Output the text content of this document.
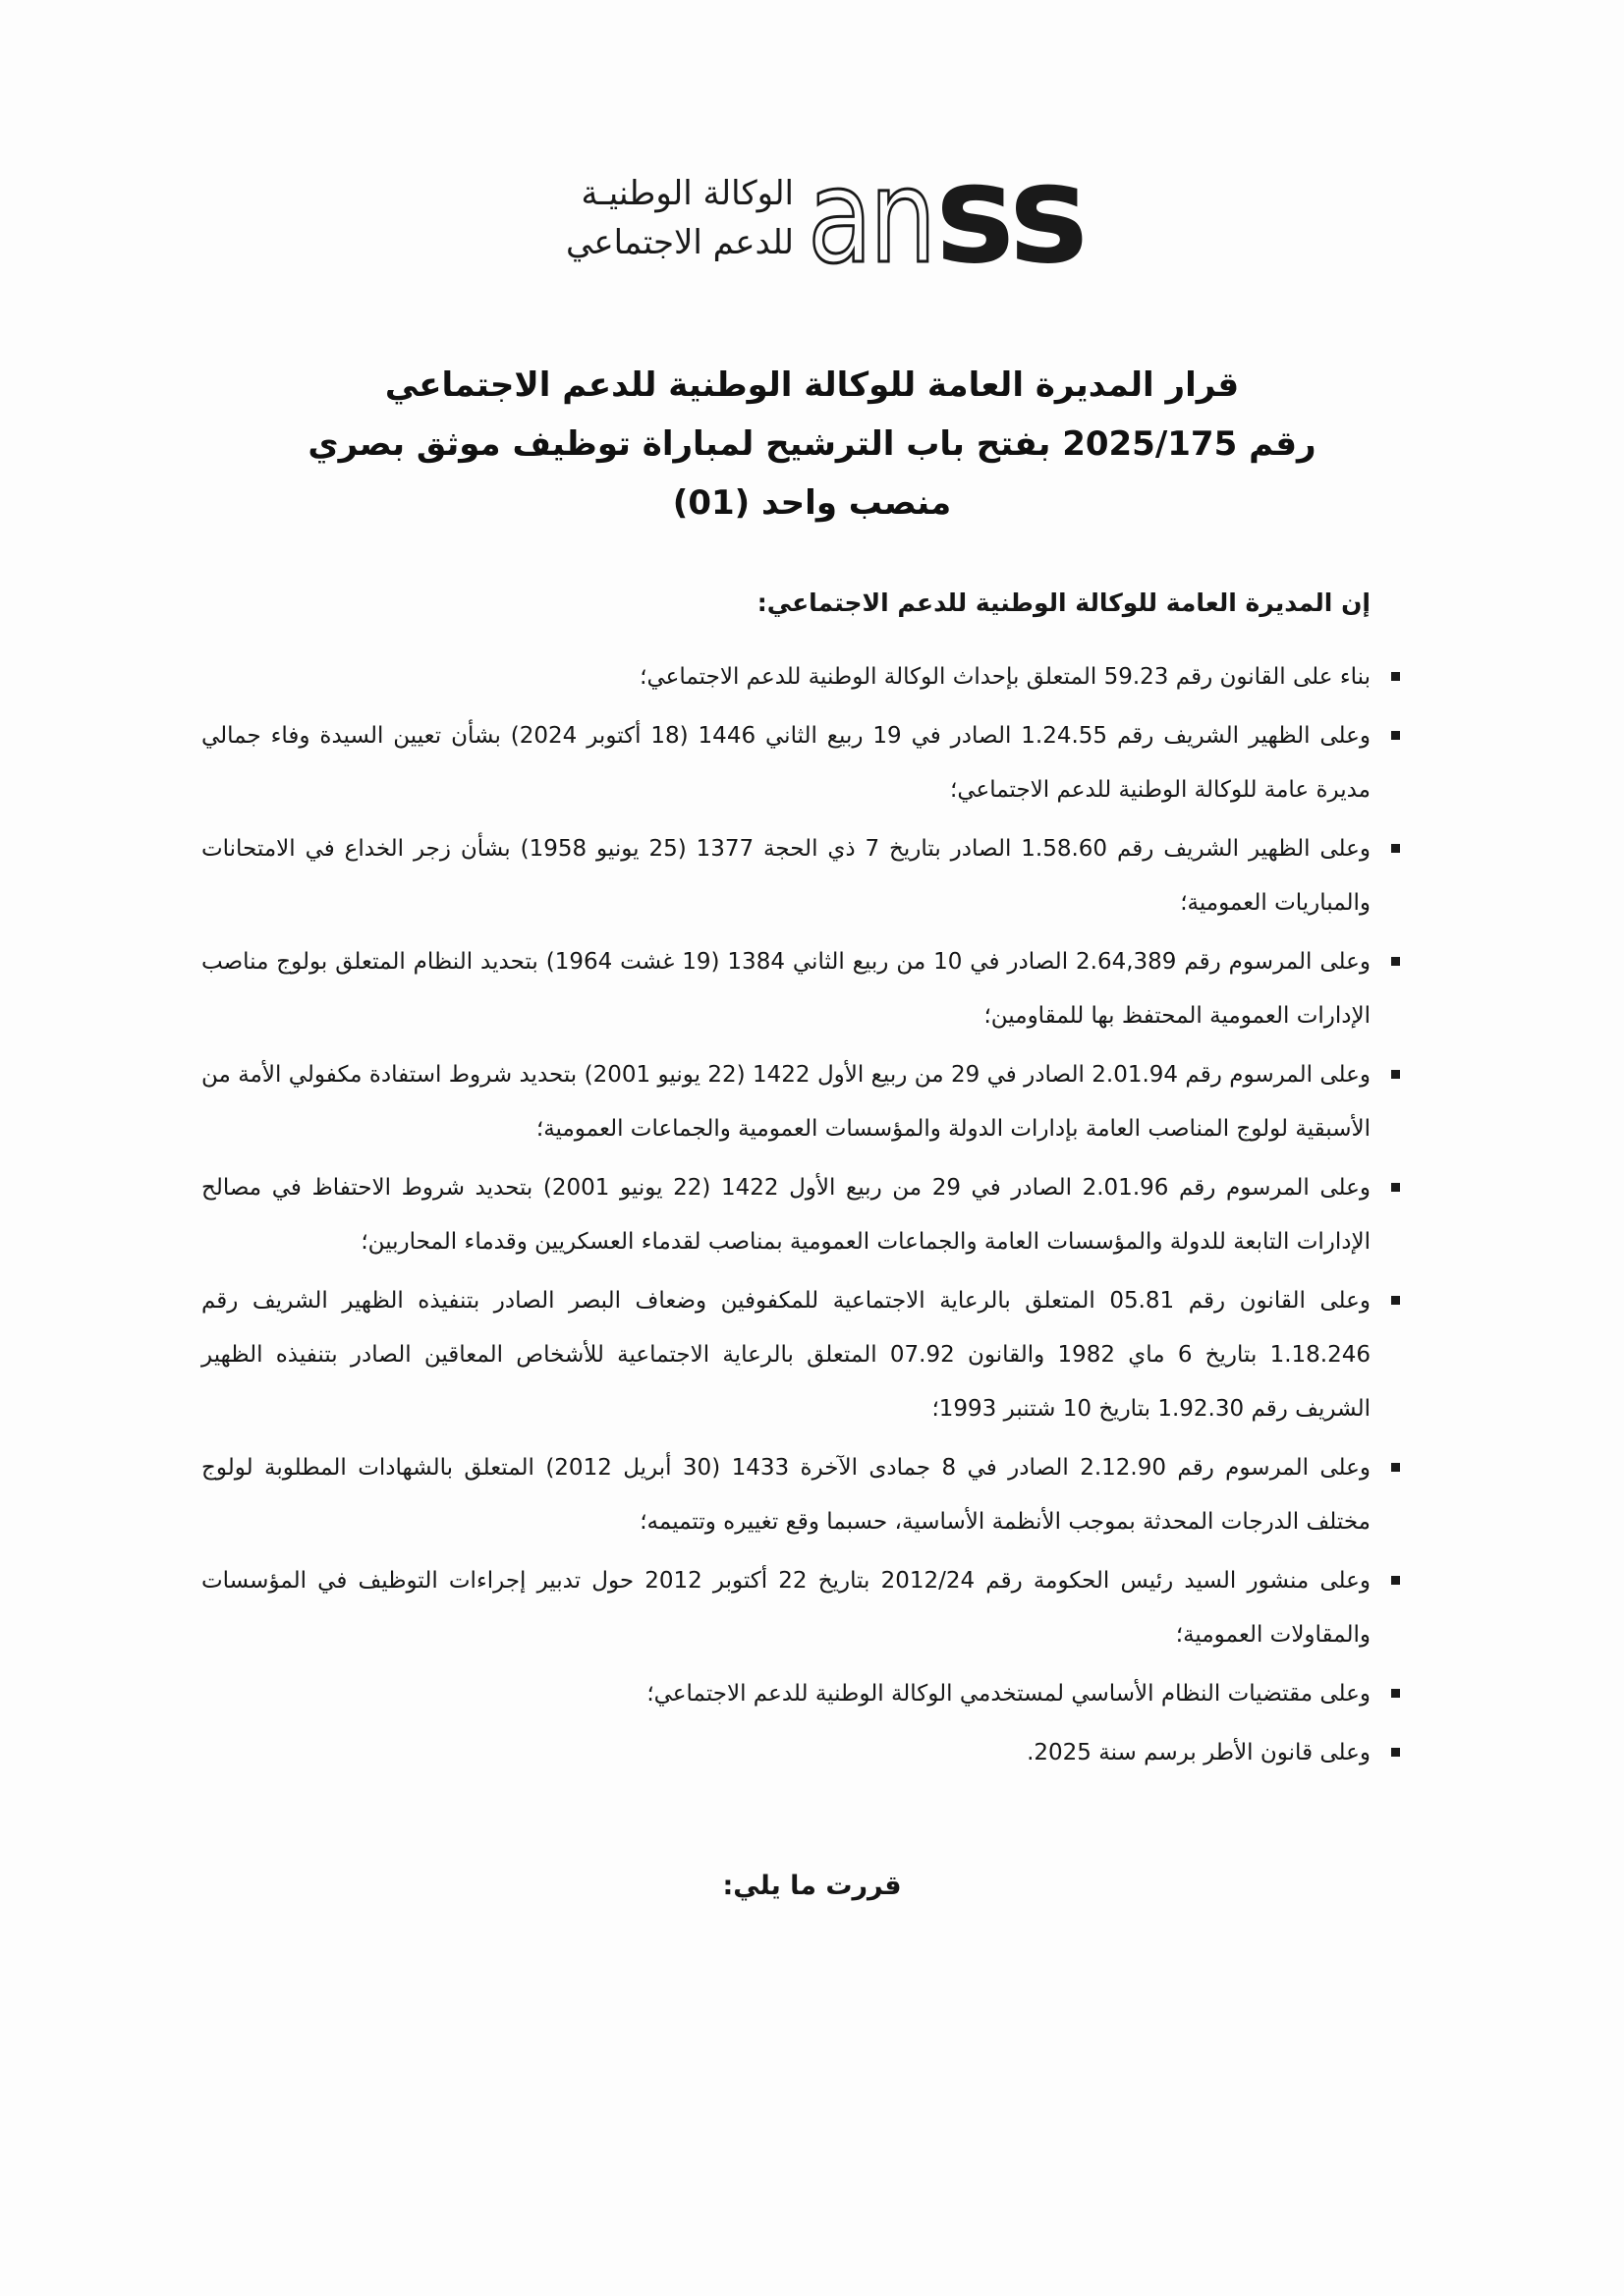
an ss
الوكالة الوطنيـة
للدعم الاجتماعي
قرار المديرة العامة للوكالة الوطنية للدعم الاجتماعي
رقم 2025/175 بفتح باب الترشيح لمباراة توظيف موثق بصري
منصب واحد (01)
إن المديرة العامة للوكالة الوطنية للدعم الاجتماعي:
بناء على القانون رقم 59.23 المتعلق بإحداث الوكالة الوطنية للدعم الاجتماعي؛
وعلى الظهير الشريف رقم 1.24.55 الصادر في 19 ربيع الثاني 1446 (18 أكتوبر 2024) بشأن تعيين السيدة وفاء جمالي مديرة عامة للوكالة الوطنية للدعم الاجتماعي؛
وعلى الظهير الشريف رقم 1.58.60 الصادر بتاريخ 7 ذي الحجة 1377 (25 يونيو 1958) بشأن زجر الخداع في الامتحانات والمباريات العمومية؛
وعلى المرسوم رقم 2.64,389 الصادر في 10 من ربيع الثاني 1384 (19 غشت 1964) بتحديد النظام المتعلق بولوج مناصب الإدارات العمومية المحتفظ بها للمقاومين؛
وعلى المرسوم رقم 2.01.94 الصادر في 29 من ربيع الأول 1422 (22 يونيو 2001) بتحديد شروط استفادة مكفولي الأمة من الأسبقية لولوج المناصب العامة بإدارات الدولة والمؤسسات العمومية والجماعات العمومية؛
وعلى المرسوم رقم 2.01.96 الصادر في 29 من ربيع الأول 1422 (22 يونيو 2001) بتحديد شروط الاحتفاظ في مصالح الإدارات التابعة للدولة والمؤسسات العامة والجماعات العمومية بمناصب لقدماء العسكريين وقدماء المحاربين؛
وعلى القانون رقم 05.81 المتعلق بالرعاية الاجتماعية للمكفوفين وضعاف البصر الصادر بتنفيذه الظهير الشريف رقم 1.18.246 بتاريخ 6 ماي 1982 والقانون 07.92 المتعلق بالرعاية الاجتماعية للأشخاص المعاقين الصادر بتنفيذه الظهير الشريف رقم 1.92.30 بتاريخ 10 شتنبر 1993؛
وعلى المرسوم رقم 2.12.90 الصادر في 8 جمادى الآخرة 1433 (30 أبريل 2012) المتعلق بالشهادات المطلوبة لولوج مختلف الدرجات المحدثة بموجب الأنظمة الأساسية، حسبما وقع تغييره وتتميمه؛
وعلى منشور السيد رئيس الحكومة رقم 2012/24 بتاريخ 22 أكتوبر 2012 حول تدبير إجراءات التوظيف في المؤسسات والمقاولات العمومية؛
وعلى مقتضيات النظام الأساسي لمستخدمي الوكالة الوطنية للدعم الاجتماعي؛
وعلى قانون الأطر برسم سنة 2025.
قررت ما يلي:
